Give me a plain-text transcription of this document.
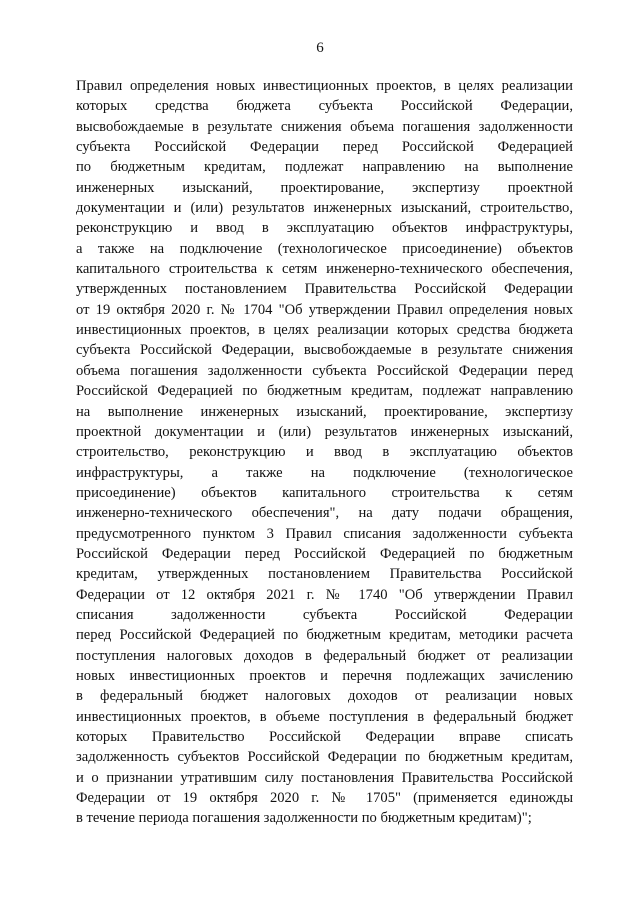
6
Правил определения новых инвестиционных проектов, в целях реализации
которых средства бюджета субъекта Российской Федерации,
высвобождаемые в результате снижения объема погашения задолженности
субъекта Российской Федерации перед Российской Федерацией
по бюджетным кредитам, подлежат направлению на выполнение
инженерных изысканий, проектирование, экспертизу проектной
документации и (или) результатов инженерных изысканий, строительство,
реконструкцию и ввод в эксплуатацию объектов инфраструктуры,
а также на подключение (технологическое присоединение) объектов
капитального строительства к сетям инженерно-технического обеспечения,
утвержденных постановлением Правительства Российской Федерации
от 19 октября 2020 г. № 1704 "Об утверждении Правил определения новых
инвестиционных проектов, в целях реализации которых средства бюджета
субъекта Российской Федерации, высвобождаемые в результате снижения
объема погашения задолженности субъекта Российской Федерации перед
Российской Федерацией по бюджетным кредитам, подлежат направлению
на выполнение инженерных изысканий, проектирование, экспертизу
проектной документации и (или) результатов инженерных изысканий,
строительство, реконструкцию и ввод в эксплуатацию объектов
инфраструктуры, а также на подключение (технологическое
присоединение) объектов капитального строительства к сетям
инженерно-технического обеспечения", на дату подачи обращения,
предусмотренного пунктом 3 Правил списания задолженности субъекта
Российской Федерации перед Российской Федерацией по бюджетным
кредитам, утвержденных постановлением Правительства Российской
Федерации от 12 октября 2021 г. № 1740 "Об утверждении Правил
списания задолженности субъекта Российской Федерации
перед Российской Федерацией по бюджетным кредитам, методики расчета
поступления налоговых доходов в федеральный бюджет от реализации
новых инвестиционных проектов и перечня подлежащих зачислению
в федеральный бюджет налоговых доходов от реализации новых
инвестиционных проектов, в объеме поступления в федеральный бюджет
которых Правительство Российской Федерации вправе списать
задолженность субъектов Российской Федерации по бюджетным кредитам,
и о признании утратившим силу постановления Правительства Российской
Федерации от 19 октября 2020 г. № 1705" (применяется единожды
в течение периода погашения задолженности по бюджетным кредитам)";
